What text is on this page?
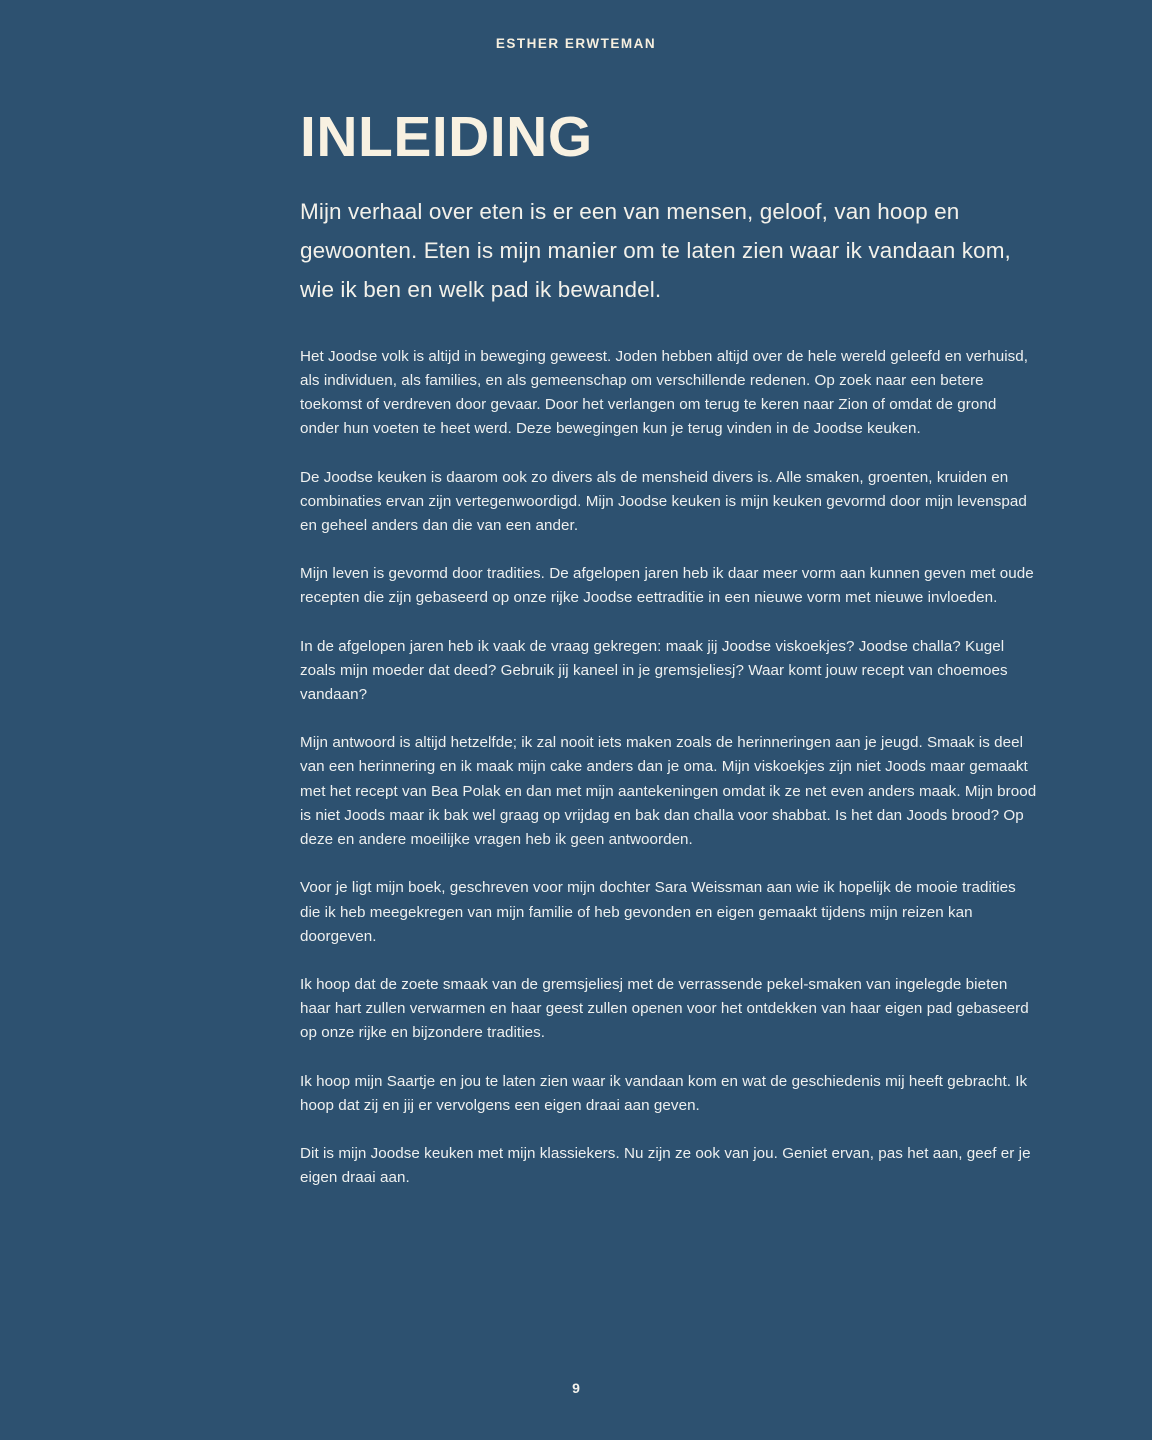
ESTHER ERWTEMAN
INLEIDING

Mijn verhaal over eten is er een van mensen, geloof, van hoop en gewoonten. Eten is mijn manier om te laten zien waar ik vandaan kom, wie ik ben en welk pad ik bewandel.

Het Joodse volk is altijd in beweging geweest. Joden hebben altijd over de hele wereld geleefd en verhuisd, als individuen, als families, en als gemeenschap om verschillende redenen. Op zoek naar een betere toekomst of verdreven door gevaar. Door het verlangen om terug te keren naar Zion of omdat de grond onder hun voeten te heet werd. Deze bewegingen kun je terug vinden in de Joodse keuken.

De Joodse keuken is daarom ook zo divers als de mensheid divers is. Alle smaken, groenten, kruiden en combinaties ervan zijn vertegenwoordigd. Mijn Joodse keuken is mijn keuken gevormd door mijn levenspad en geheel anders dan die van een ander.

Mijn leven is gevormd door tradities. De afgelopen jaren heb ik daar meer vorm aan kunnen geven met oude recepten die zijn gebaseerd op onze rijke Joodse eettraditie in een nieuwe vorm met nieuwe invloeden.

In de afgelopen jaren heb ik vaak de vraag gekregen: maak jij Joodse viskoekjes? Joodse challa? Kugel zoals mijn moeder dat deed? Gebruik jij kaneel in je gremsjeliesj? Waar komt jouw recept van choemoes vandaan?

Mijn antwoord is altijd hetzelfde; ik zal nooit iets maken zoals de herinneringen aan je jeugd. Smaak is deel van een herinnering en ik maak mijn cake anders dan je oma. Mijn viskoekjes zijn niet Joods maar gemaakt met het recept van Bea Polak en dan met mijn aantekeningen omdat ik ze net even anders maak. Mijn brood is niet Joods maar ik bak wel graag op vrijdag en bak dan challa voor shabbat. Is het dan Joods brood? Op deze en andere moeilijke vragen heb ik geen antwoorden.

Voor je ligt mijn boek, geschreven voor mijn dochter Sara Weissman aan wie ik hopelijk de mooie tradities die ik heb meegekregen van mijn familie of heb gevonden en eigen gemaakt tijdens mijn reizen kan doorgeven.

Ik hoop dat de zoete smaak van de gremsjeliesj met de verrassende pekel-smaken van ingelegde bieten haar hart zullen verwarmen en haar geest zullen openen voor het ontdekken van haar eigen pad gebaseerd op onze rijke en bijzondere tradities.

Ik hoop mijn Saartje en jou te laten zien waar ik vandaan kom en wat de geschiedenis mij heeft gebracht. Ik hoop dat zij en jij er vervolgens een eigen draai aan geven.

Dit is mijn Joodse keuken met mijn klassiekers. Nu zijn ze ook van jou. Geniet ervan, pas het aan, geef er je eigen draai aan.

9
